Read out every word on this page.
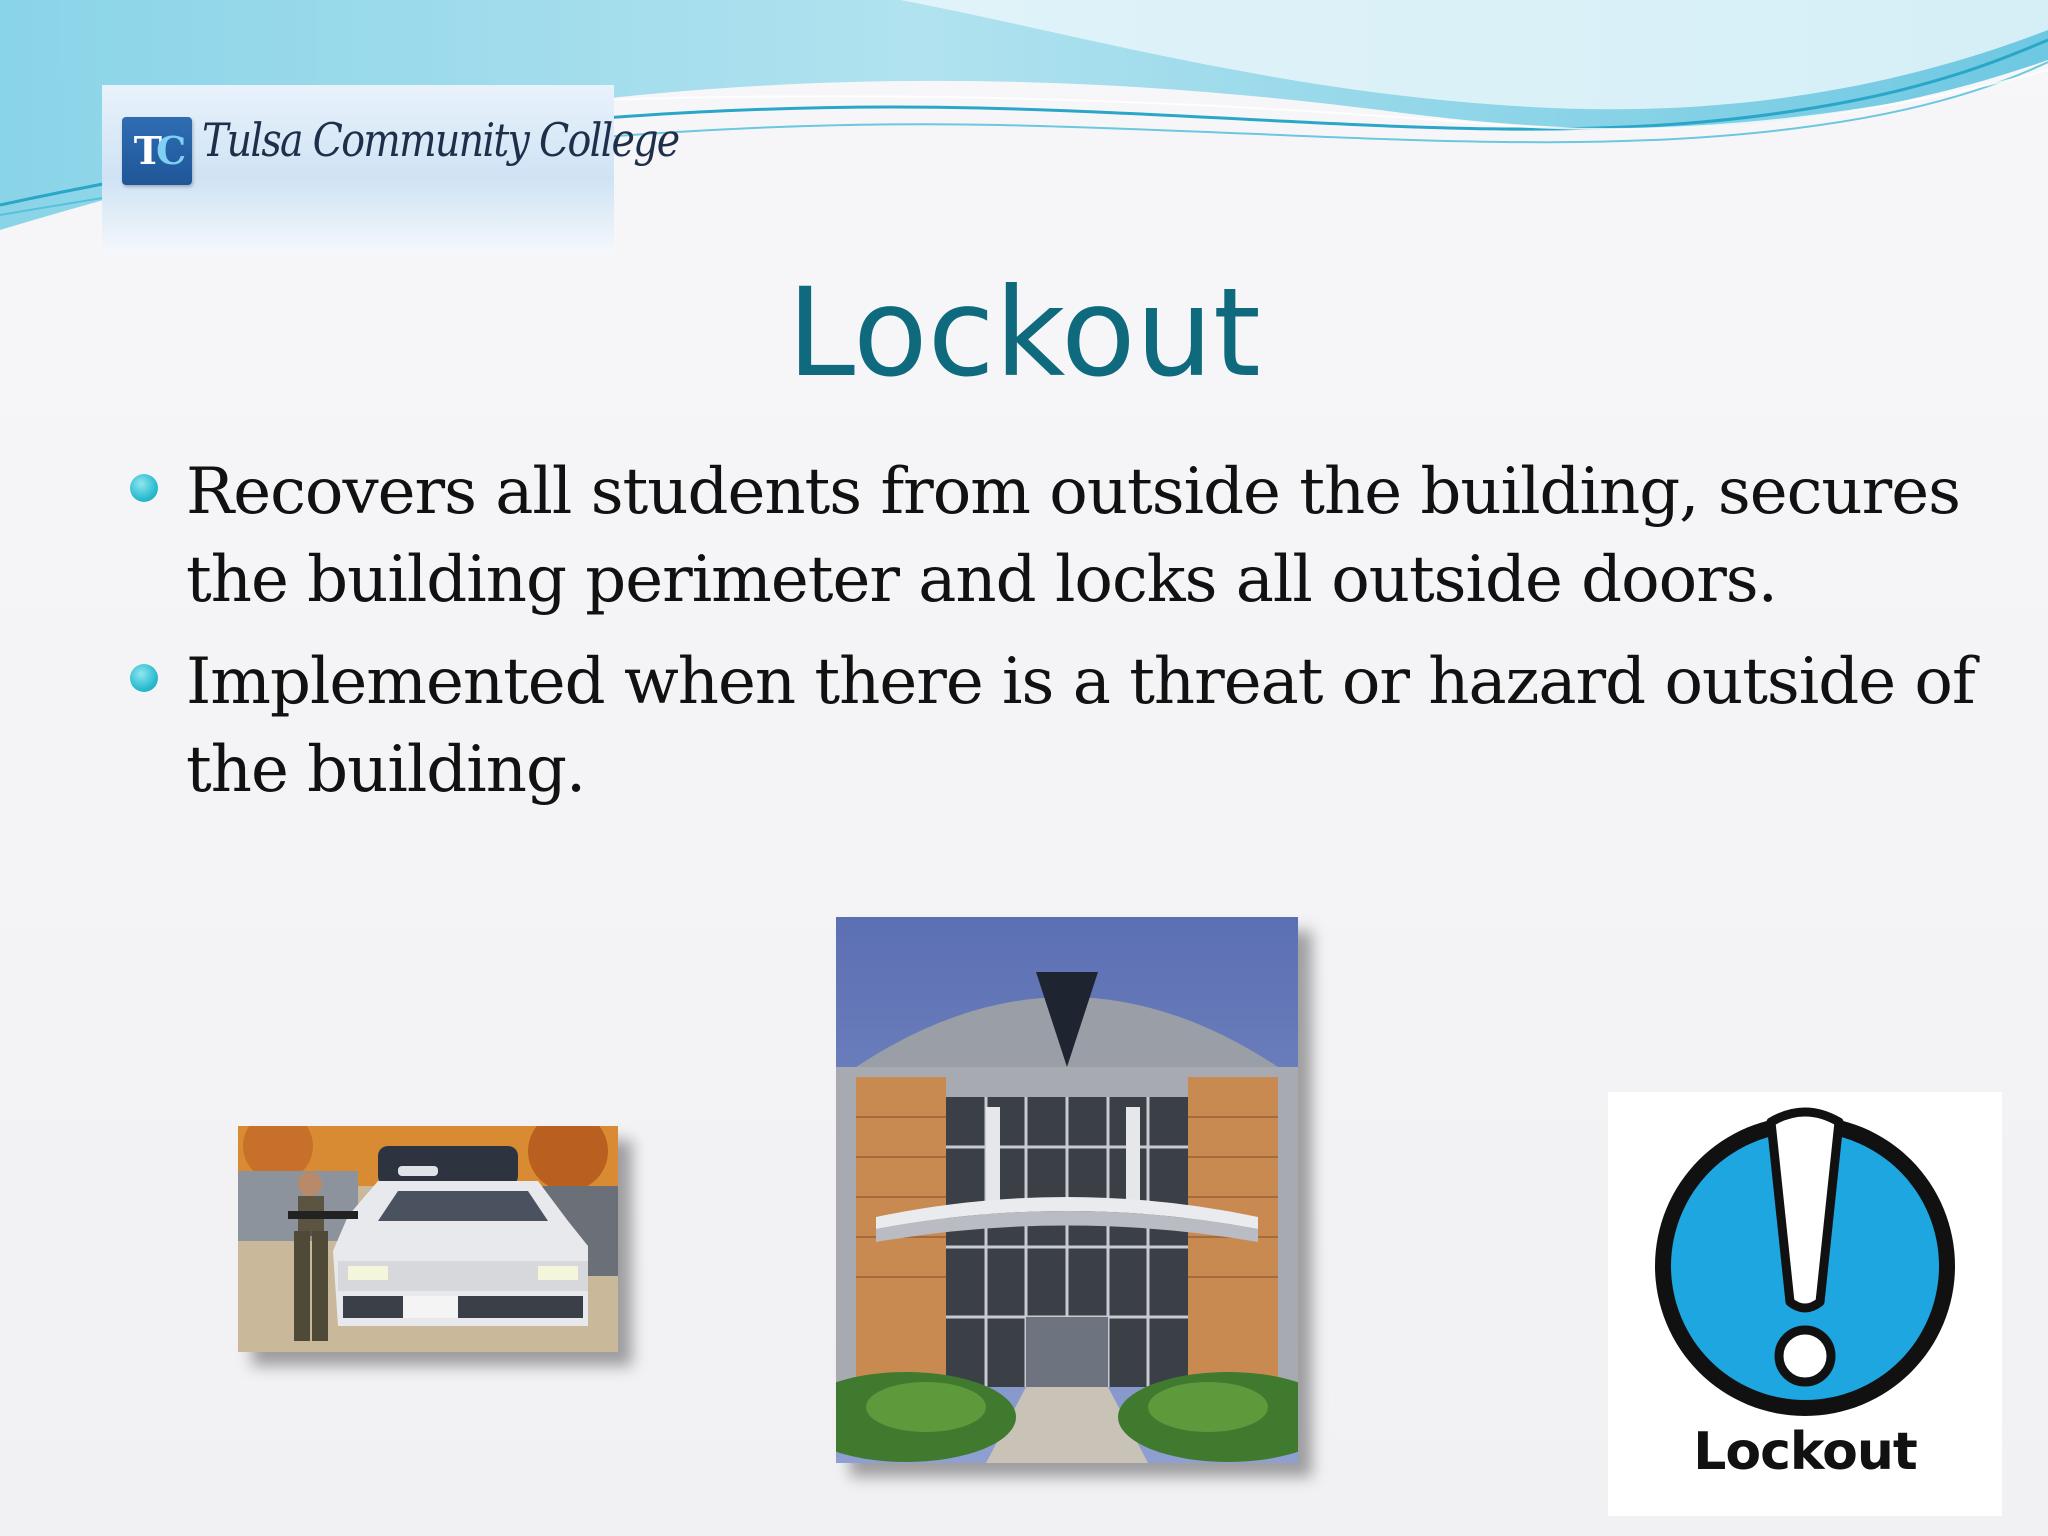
TC Tulsa Community College
Lockout
Recovers all students from outside the building, secures the building perimeter and locks all outside doors.
Implemented when there is a threat or hazard outside of the building.
Lockout
